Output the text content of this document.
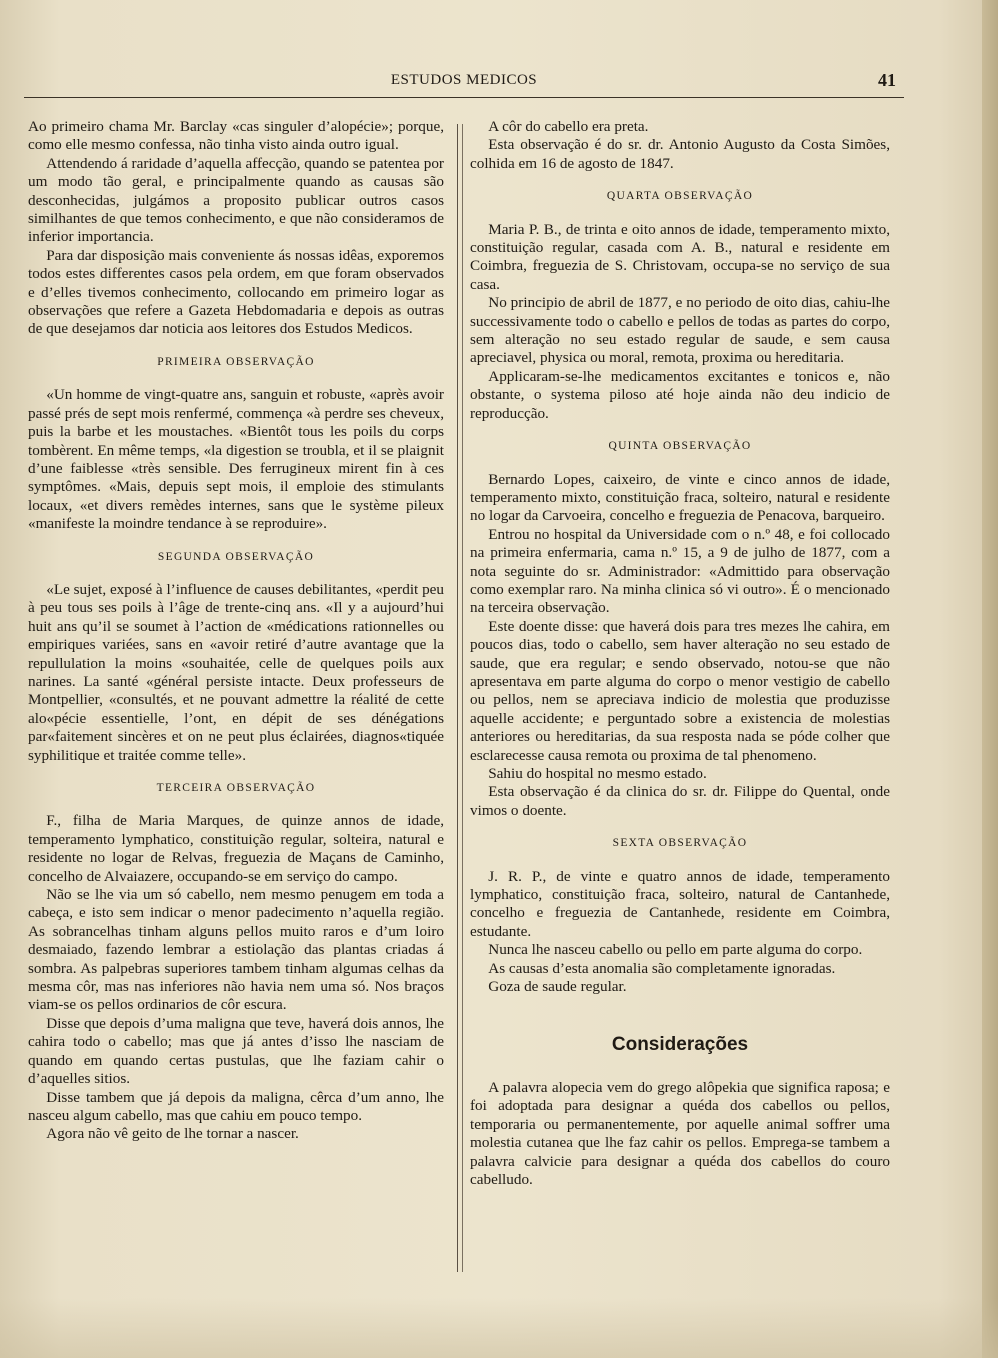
ESTUDOS MEDICOS	41

Ao primeiro chama Mr. Barclay «cas singuler d’alopécie»; porque, como elle mesmo confessa, não tinha visto ainda outro igual.

Attendendo á raridade d’aquella affecção, quando se patentea por um modo tão geral, e principalmente quando as causas são desconhecidas, julgámos a proposito publicar outros casos similhantes de que temos conhecimento, e que não consideramos de inferior importancia.

Para dar disposição mais conveniente ás nossas idêas, exporemos todos estes differentes casos pela ordem, em que foram observados e d’elles tivemos conhecimento, collocando em primeiro logar as observações que refere a Gazeta Hebdomadaria e depois as outras de que desejamos dar noticia aos leitores dos Estudos Medicos.

PRIMEIRA OBSERVAÇÃO

«Un homme de vingt-quatre ans, sanguin et robuste, «après avoir passé prés de sept mois renfermé, commença «à perdre ses cheveux, puis la barbe et les moustaches. «Bientôt tous les poils du corps tombèrent. En même temps, «la digestion se troubla, et il se plaignit d’une faiblesse «très sensible. Des ferrugineux mirent fin à ces symptômes. «Mais, depuis sept mois, il emploie des stimulants locaux, «et divers remèdes internes, sans que le système pileux «manifeste la moindre tendance à se reproduire».

SEGUNDA OBSERVAÇÃO

«Le sujet, exposé à l’influence de causes debilitantes, «perdit peu à peu tous ses poils à l’âge de trente-cinq ans. «Il y a aujourd’hui huit ans qu’il se soumet à l’action de «médications rationnelles ou empiriques variées, sans en «avoir retiré d’autre avantage que la repullulation la moins «souhaitée, celle de quelques poils aux narines. La santé «général persiste intacte. Deux professeurs de Montpellier, «consultés, et ne pouvant admettre la réalité de cette alo«pécie essentielle, l’ont, en dépit de ses dénégations par«faitement sincères et on ne peut plus éclairées, diagnos«tiquée syphilitique et traitée comme telle».

TERCEIRA OBSERVAÇÃO

F., filha de Maria Marques, de quinze annos de idade, temperamento lymphatico, constituição regular, solteira, natural e residente no logar de Relvas, freguezia de Maçans de Caminho, concelho de Alvaiazere, occupando-se em serviço do campo.

Não se lhe via um só cabello, nem mesmo penugem em toda a cabeça, e isto sem indicar o menor padecimento n’aquella região. As sobrancelhas tinham alguns pellos muito raros e d’um loiro desmaiado, fazendo lembrar a estiolação das plantas criadas á sombra. As palpebras superiores tambem tinham algumas celhas da mesma côr, mas nas inferiores não havia nem uma só. Nos braços viam-se os pellos ordinarios de côr escura.

Disse que depois d’uma maligna que teve, haverá dois annos, lhe cahira todo o cabello; mas que já antes d’isso lhe nasciam de quando em quando certas pustulas, que lhe faziam cahir o d’aquelles sitios.

Disse tambem que já depois da maligna, cêrca d’um anno, lhe nasceu algum cabello, mas que cahiu em pouco tempo.

Agora não vê geito de lhe tornar a nascer.

A côr do cabello era preta.

Esta observação é do sr. dr. Antonio Augusto da Costa Simões, colhida em 16 de agosto de 1847.

QUARTA OBSERVAÇÃO

Maria P. B., de trinta e oito annos de idade, temperamento mixto, constituição regular, casada com A. B., natural e residente em Coimbra, freguezia de S. Christovam, occupa-se no serviço de sua casa.

No principio de abril de 1877, e no periodo de oito dias, cahiu-lhe successivamente todo o cabello e pellos de todas as partes do corpo, sem alteração no seu estado regular de saude, e sem causa apreciavel, physica ou moral, remota, proxima ou hereditaria.

Applicaram-se-lhe medicamentos excitantes e tonicos e, não obstante, o systema piloso até hoje ainda não deu indicio de reproducção.

QUINTA OBSERVAÇÃO

Bernardo Lopes, caixeiro, de vinte e cinco annos de idade, temperamento mixto, constituição fraca, solteiro, natural e residente no logar da Carvoeira, concelho e freguezia de Penacova, barqueiro.

Entrou no hospital da Universidade com o n.º 48, e foi collocado na primeira enfermaria, cama n.º 15, a 9 de julho de 1877, com a nota seguinte do sr. Administrador: «Admittido para observação como exemplar raro. Na minha clinica só vi outro». É o mencionado na terceira observação.

Este doente disse: que haverá dois para tres mezes lhe cahira, em poucos dias, todo o cabello, sem haver alteração no seu estado de saude, que era regular; e sendo observado, notou-se que não apresentava em parte alguma do corpo o menor vestigio de cabello ou pellos, nem se apreciava indicio de molestia que produzisse aquelle accidente; e perguntado sobre a existencia de molestias anteriores ou hereditarias, da sua resposta nada se póde colher que esclarecesse causa remota ou proxima de tal phenomeno.

Sahiu do hospital no mesmo estado.

Esta observação é da clinica do sr. dr. Filippe do Quental, onde vimos o doente.

SEXTA OBSERVAÇÃO

J. R. P., de vinte e quatro annos de idade, temperamento lymphatico, constituição fraca, solteiro, natural de Cantanhede, concelho e freguezia de Cantanhede, residente em Coimbra, estudante.

Nunca lhe nasceu cabello ou pello em parte alguma do corpo.

As causas d’esta anomalia são completamente ignoradas.

Goza de saude regular.

Considerações

A palavra alopecia vem do grego alôpekia que significa raposa; e foi adoptada para designar a quéda dos cabellos ou pellos, temporaria ou permanentemente, por aquelle animal soffrer uma molestia cutanea que lhe faz cahir os pellos. Emprega-se tambem a palavra calvicie para designar a quéda dos cabellos do couro cabelludo.
